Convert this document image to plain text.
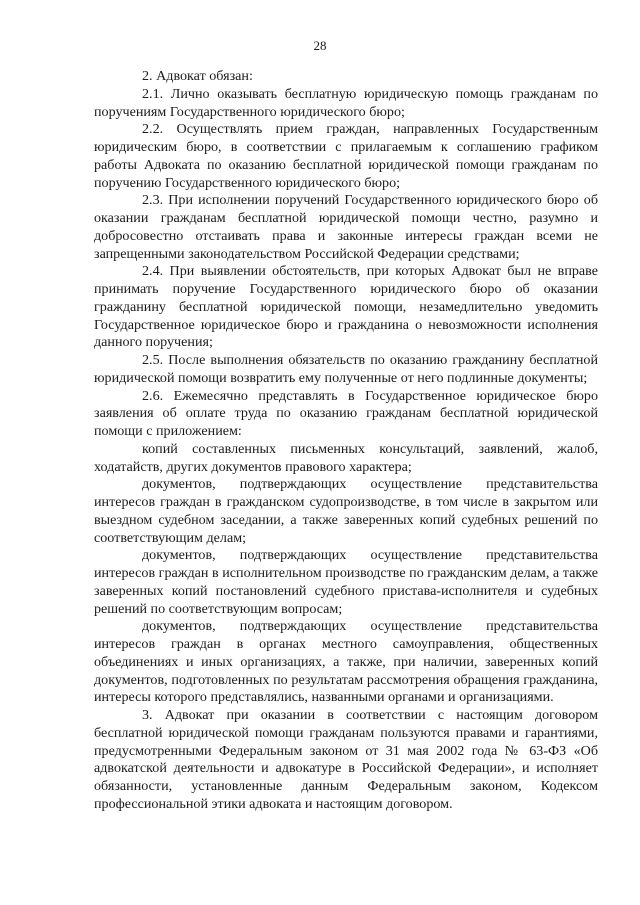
28

2. Адвокат обязан:

2.1. Лично оказывать бесплатную юридическую помощь гражданам по поручениям Государственного юридического бюро;

2.2. Осуществлять прием граждан, направленных Государственным юридическим бюро, в соответствии с прилагаемым к соглашению графиком работы Адвоката по оказанию бесплатной юридической помощи гражданам по поручению Государственного юридического бюро;

2.3. При исполнении поручений Государственного юридического бюро об оказании гражданам бесплатной юридической помощи честно, разумно и добросовестно отстаивать права и законные интересы граждан всеми не запрещенными законодательством Российской Федерации средствами;

2.4. При выявлении обстоятельств, при которых Адвокат был не вправе принимать поручение Государственного юридического бюро об оказании гражданину бесплатной юридической помощи, незамедлительно уведомить Государственное юридическое бюро и гражданина о невозможности исполнения данного поручения;

2.5. После выполнения обязательств по оказанию гражданину бесплатной юридической помощи возвратить ему полученные от него подлинные документы;

2.6. Ежемесячно представлять в Государственное юридическое бюро заявления об оплате труда по оказанию гражданам бесплатной юридической помощи с приложением:

копий составленных письменных консультаций, заявлений, жалоб, ходатайств, других документов правового характера;

документов, подтверждающих осуществление представительства интересов граждан в гражданском судопроизводстве, в том числе в закрытом или выездном судебном заседании, а также заверенных копий судебных решений по соответствующим делам;

документов, подтверждающих осуществление представительства интересов граждан в исполнительном производстве по гражданским делам, а также заверенных копий постановлений судебного пристава-исполнителя и судебных решений по соответствующим вопросам;

документов, подтверждающих осуществление представительства интересов граждан в органах местного самоуправления, общественных объединениях и иных организациях, а также, при наличии, заверенных копий документов, подготовленных по результатам рассмотрения обращения гражданина, интересы которого представлялись, названными органами и организациями.

3. Адвокат при оказании в соответствии с настоящим договором бесплатной юридической помощи гражданам пользуются правами и гарантиями, предусмотренными Федеральным законом от 31 мая 2002 года № 63-ФЗ «Об адвокатской деятельности и адвокатуре в Российской Федерации», и исполняет обязанности, установленные данным Федеральным законом, Кодексом профессиональной этики адвоката и настоящим договором.
